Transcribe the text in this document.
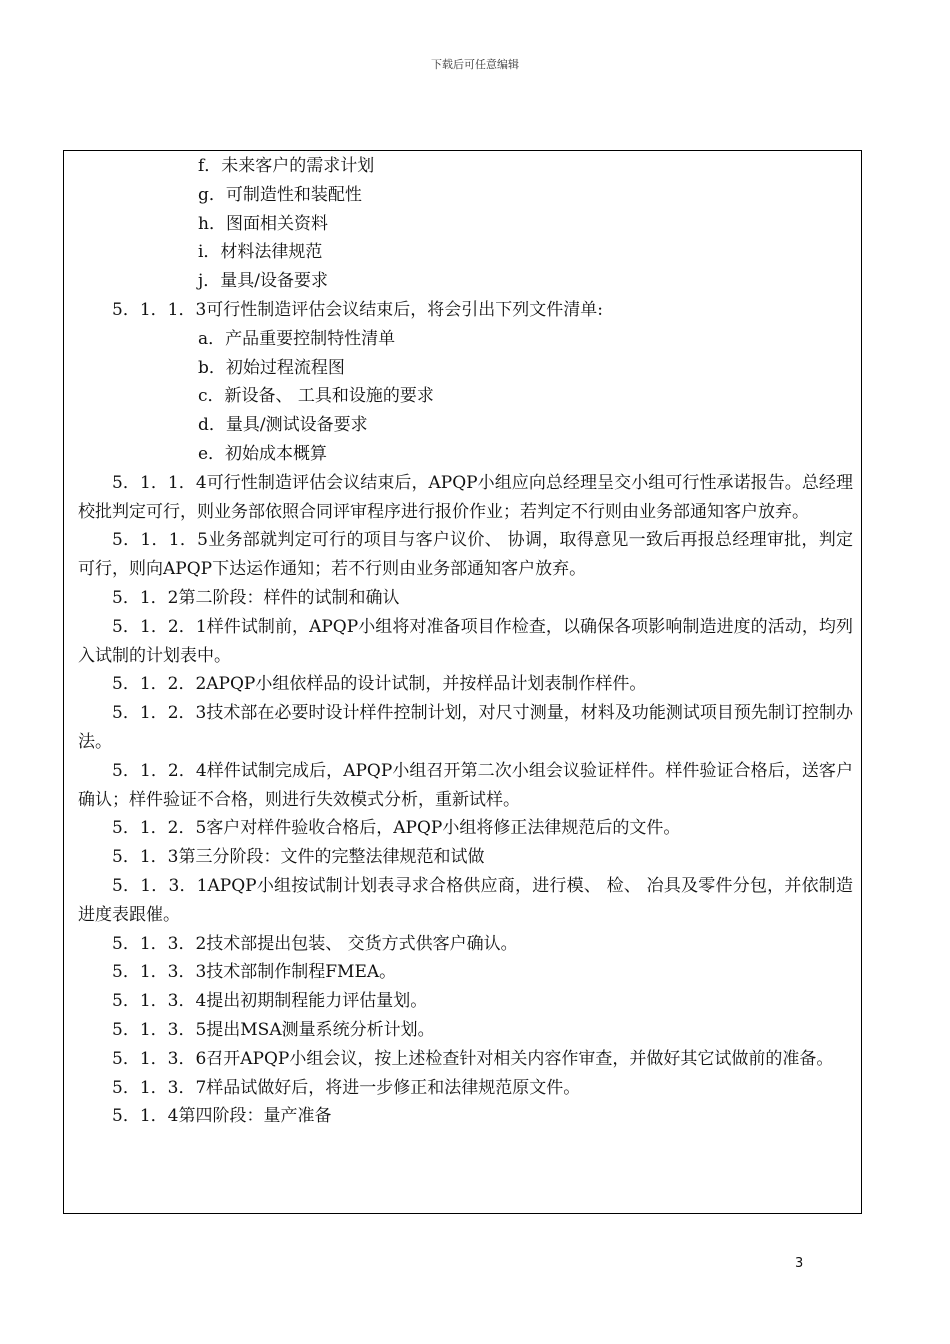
下载后可任意编辑
f．未来客户的需求计划
g．可制造性和装配性
h．图面相关资料
i．材料法律规范
j．量具/设备要求
5．1．1．3可行性制造评估会议结束后，将会引出下列文件清单:
a．产品重要控制特性清单
b．初始过程流程图
c．新设备、 工具和设施的要求
d．量具/测试设备要求
e．初始成本概算
5．1．1．4可行性制造评估会议结束后，APQP小组应向总经理呈交小组可行性承诺报告。总经理校批判定可行，则业务部依照合同评审程序进行报价作业；若判定不行则由业务部通知客户放弃。
5．1．1．5业务部就判定可行的项目与客户议价、 协调，取得意见一致后再报总经理审批，判定可行，则向APQP下达运作通知；若不行则由业务部通知客户放弃。
5．1．2第二阶段：样件的试制和确认
5．1．2．1样件试制前，APQP小组将对准备项目作检查，以确保各项影响制造进度的活动，均列入试制的计划表中。
5．1．2．2APQP小组依样品的设计试制，并按样品计划表制作样件。
5．1．2．3技术部在必要时设计样件控制计划，对尺寸测量，材料及功能测试项目预先制订控制办法。
5．1．2．4样件试制完成后，APQP小组召开第二次小组会议验证样件。样件验证合格后，送客户确认；样件验证不合格，则进行失效模式分析，重新试样。
5．1．2．5客户对样件验收合格后，APQP小组将修正法律规范后的文件。
5．1．3第三分阶段：文件的完整法律规范和试做
5．1．3．1APQP小组按试制计划表寻求合格供应商，进行模、 检、 冶具及零件分包，并依制造进度表跟催。
5．1．3．2技术部提出包装、 交货方式供客户确认。
5．1．3．3技术部制作制程FMEA。
5．1．3．4提出初期制程能力评估量划。
5．1．3．5提出MSA测量系统分析计划。
5．1．3．6召开APQP小组会议，按上述检查针对相关内容作审查，并做好其它试做前的准备。
5．1．3．7样品试做好后，将进一步修正和法律规范原文件。
5．1．4第四阶段：量产准备
3
